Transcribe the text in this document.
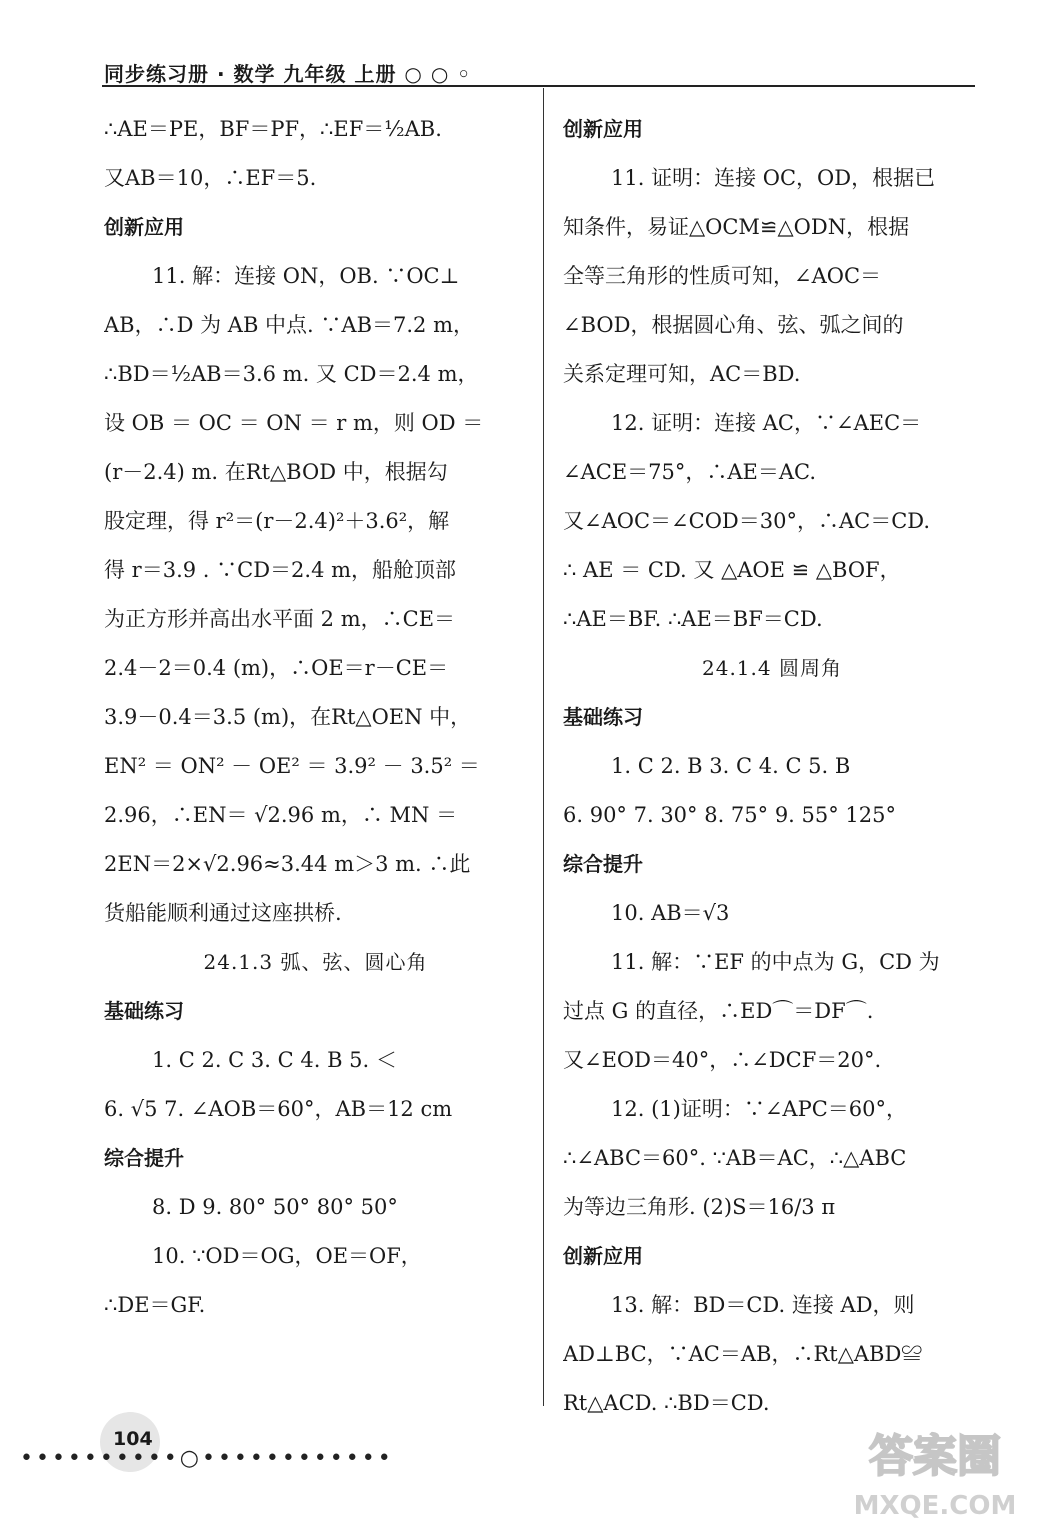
同步练习册 · 数学 九年级 上册 ○ ○ ◦
∴AE＝PE，BF＝PF，∴EF＝½AB.
又AB＝10，∴EF＝5.
创新应用
11. 解：连接 ON，OB. ∵OC⊥
AB，∴D 为 AB 中点. ∵AB＝7.2 m，
∴BD＝½AB＝3.6 m. 又 CD＝2.4 m，
设 OB ＝ OC ＝ ON ＝ r m，则 OD ＝
(r－2.4) m. 在Rt△BOD 中，根据勾
股定理，得 r²＝(r－2.4)²＋3.6²，解
得 r＝3.9 . ∵CD＝2.4 m，船舱顶部
为正方形并高出水平面 2 m，∴CE＝
2.4－2＝0.4 (m)，∴OE＝r－CE＝
3.9－0.4＝3.5 (m)，在Rt△OEN 中，
EN² ＝ ON² － OE² ＝ 3.9² － 3.5² ＝
2.96，∴EN＝ √2.96 m，∴ MN ＝
2EN＝2×√2.96≈3.44 m＞3 m. ∴此
货船能顺利通过这座拱桥.
24.1.3 弧、弦、圆心角
基础练习
1. C 2. C 3. C 4. B 5. ＜
6. √5 7. ∠AOB＝60°，AB＝12 cm
综合提升
8. D 9. 80° 50° 80° 50°
10. ∵OD＝OG，OE＝OF，
∴DE＝GF.
创新应用
11. 证明：连接 OC，OD，根据已
知条件，易证△OCM≌△ODN，根据
全等三角形的性质可知，∠AOC＝
∠BOD，根据圆心角、弦、弧之间的
关系定理可知，AC＝BD.
12. 证明：连接 AC，∵∠AEC＝
∠ACE＝75°，∴AE＝AC.
又∠AOC＝∠COD＝30°，∴AC＝CD.
∴ AE ＝ CD. 又 △AOE ≌ △BOF，
∴AE＝BF. ∴AE＝BF＝CD.
24.1.4 圆周角
基础练习
1. C 2. B 3. C 4. C 5. B
6. 90° 7. 30° 8. 75° 9. 55° 125°
综合提升
10. AB＝√3
11. 解：∵EF 的中点为 G，CD 为
过点 G 的直径，∴ED⌒＝DF⌒.
又∠EOD＝40°，∴∠DCF＝20°.
12. (1)证明：∵∠APC＝60°，
∴∠ABC＝60°. ∵AB＝AC，∴△ABC
为等边三角形. (2)S＝16/3 π
创新应用
13. 解：BD＝CD. 连接 AD，则
AD⊥BC，∵AC＝AB，∴Rt△ABD≌
Rt△ACD. ∴BD＝CD.
104
••••••••••○••••••••••••	答案圈
MXQE.COM
